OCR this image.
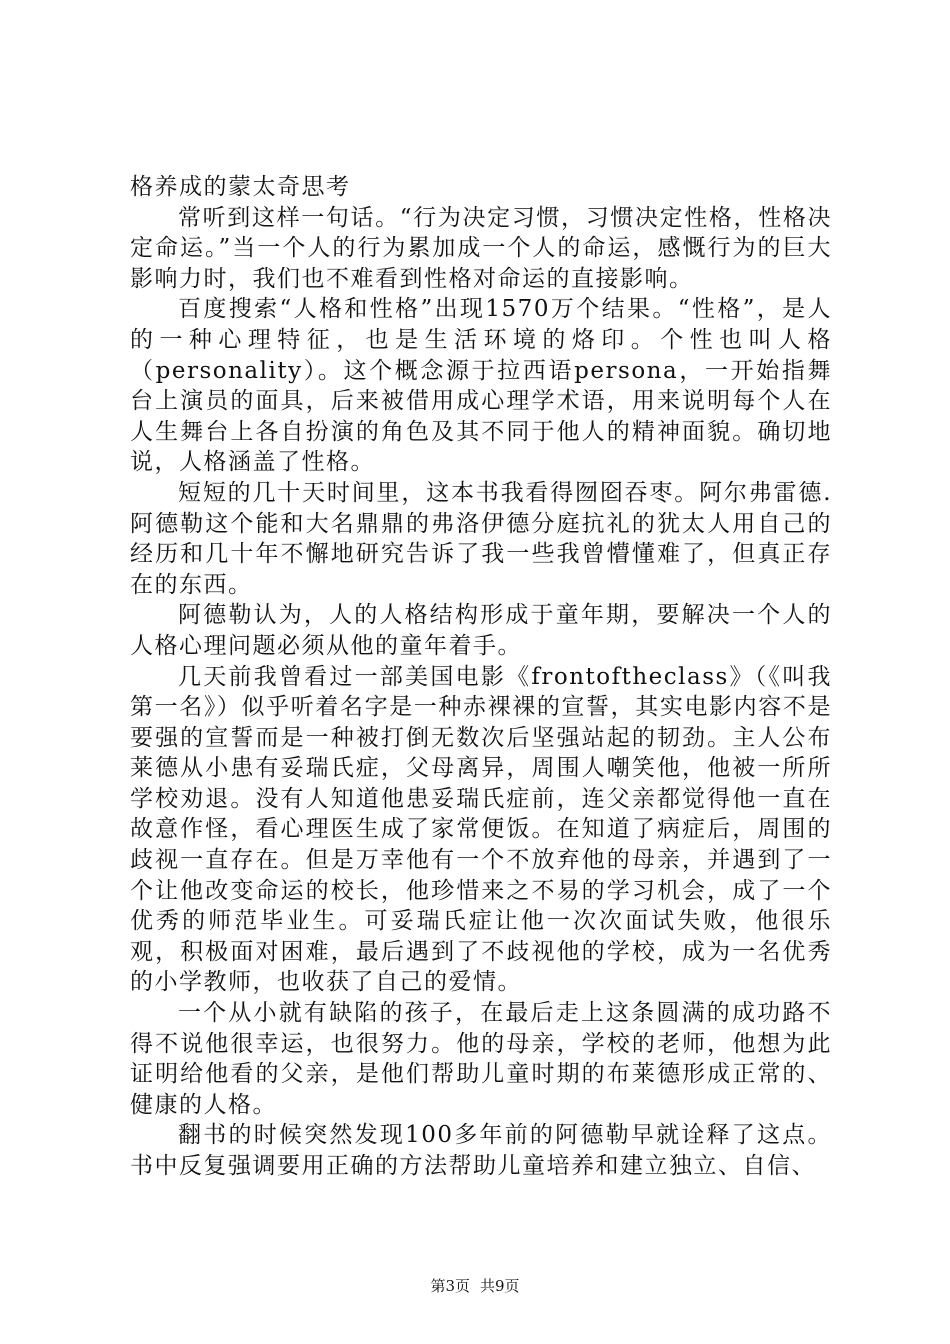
格养成的蒙太奇思考

常听到这样一句话。“行为决定习惯，习惯决定性格，性格决定命运。”当一个人的行为累加成一个人的命运，感慨行为的巨大影响力时，我们也不难看到性格对命运的直接影响。

百度搜索“人格和性格”出现1570万个结果。“性格”，是人的一种心理特征，也是生活环境的烙印。个性也叫人格（personality）。这个概念源于拉西语persona，一开始指舞台上演员的面具，后来被借用成心理学术语，用来说明每个人在人生舞台上各自扮演的角色及其不同于他人的精神面貌。确切地说，人格涵盖了性格。

短短的几十天时间里，这本书我看得囫囵吞枣。阿尔弗雷德.阿德勒这个能和大名鼎鼎的弗洛伊德分庭抗礼的犹太人用自己的经历和几十年不懈地研究告诉了我一些我曾懵懂难了，但真正存在的东西。

阿德勒认为，人的人格结构形成于童年期，要解决一个人的人格心理问题必须从他的童年着手。

几天前我曾看过一部美国电影《frontoftheclass》（《叫我第一名》）似乎听着名字是一种赤裸裸的宣誓，其实电影内容不是要强的宣誓而是一种被打倒无数次后坚强站起的韧劲。主人公布莱德从小患有妥瑞氏症，父母离异，周围人嘲笑他，他被一所所学校劝退。没有人知道他患妥瑞氏症前，连父亲都觉得他一直在故意作怪，看心理医生成了家常便饭。在知道了病症后，周围的歧视一直存在。但是万幸他有一个不放弃他的母亲，并遇到了一个让他改变命运的校长，他珍惜来之不易的学习机会，成了一个优秀的师范毕业生。可妥瑞氏症让他一次次面试失败，他很乐观，积极面对困难，最后遇到了不歧视他的学校，成为一名优秀的小学教师，也收获了自己的爱情。

一个从小就有缺陷的孩子，在最后走上这条圆满的成功路不得不说他很幸运，也很努力。他的母亲，学校的老师，他想为此证明给他看的父亲，是他们帮助儿童时期的布莱德形成正常的、健康的人格。

翻书的时候突然发现100多年前的阿德勒早就诠释了这点。书中反复强调要用正确的方法帮助儿童培养和建立独立、自信、

第3页 共9页
